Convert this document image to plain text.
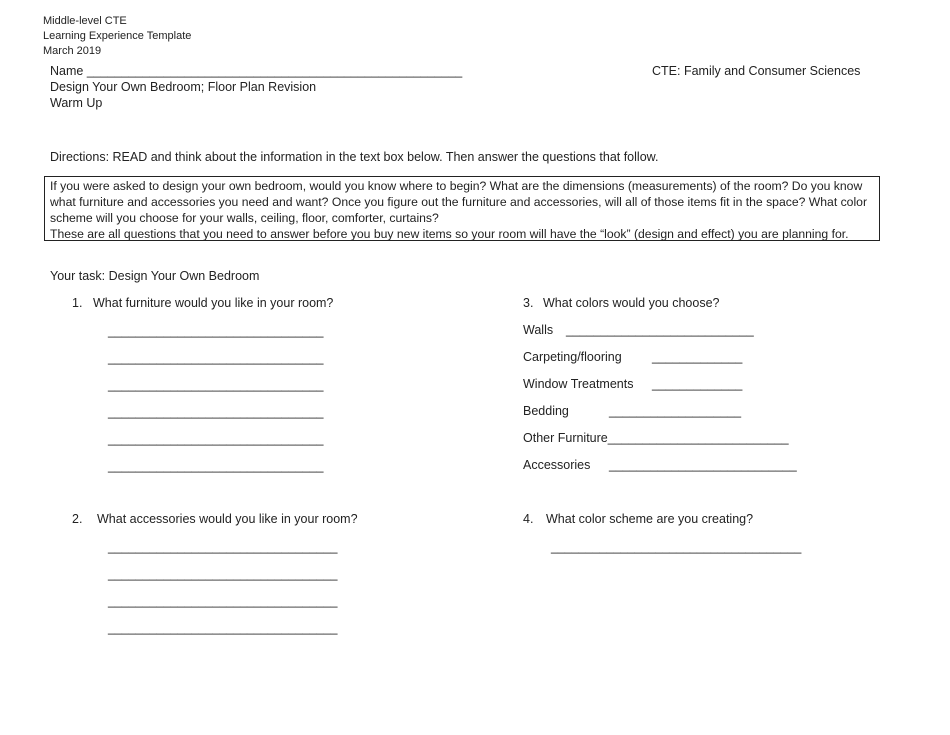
Middle-level CTE
Learning Experience Template
March 2019
Name ______________________________________________________	CTE: Family and Consumer Sciences
Design Your Own Bedroom; Floor Plan Revision
Warm Up
Directions: READ and think about the information in the text box below. Then answer the questions that follow.

If you were asked to design your own bedroom, would you know where to begin? What are the dimensions (measurements) of the room? Do you know what furniture and accessories you need and want? Once you figure out the furniture and accessories, will all of those items fit in the space? What color scheme will you choose for your walls, ceiling, floor, comforter, curtains?

These are all questions that you need to answer before you buy new items so your room will have the “look” (design and effect) you are planning for.

Your task: Design Your Own Bedroom
1. What furniture would you like in your room?
_______________________________
_______________________________
_______________________________
_______________________________
_______________________________
_______________________________
2. What accessories would you like in your room?
_________________________________
_________________________________
_________________________________
_________________________________
3. What colors would you choose?
Walls ___________________________
Carpeting/flooring _____________
Window Treatments _____________
Bedding	___________________
Other Furniture__________________________
Accessories ___________________________
4. What color scheme are you creating?
____________________________________
